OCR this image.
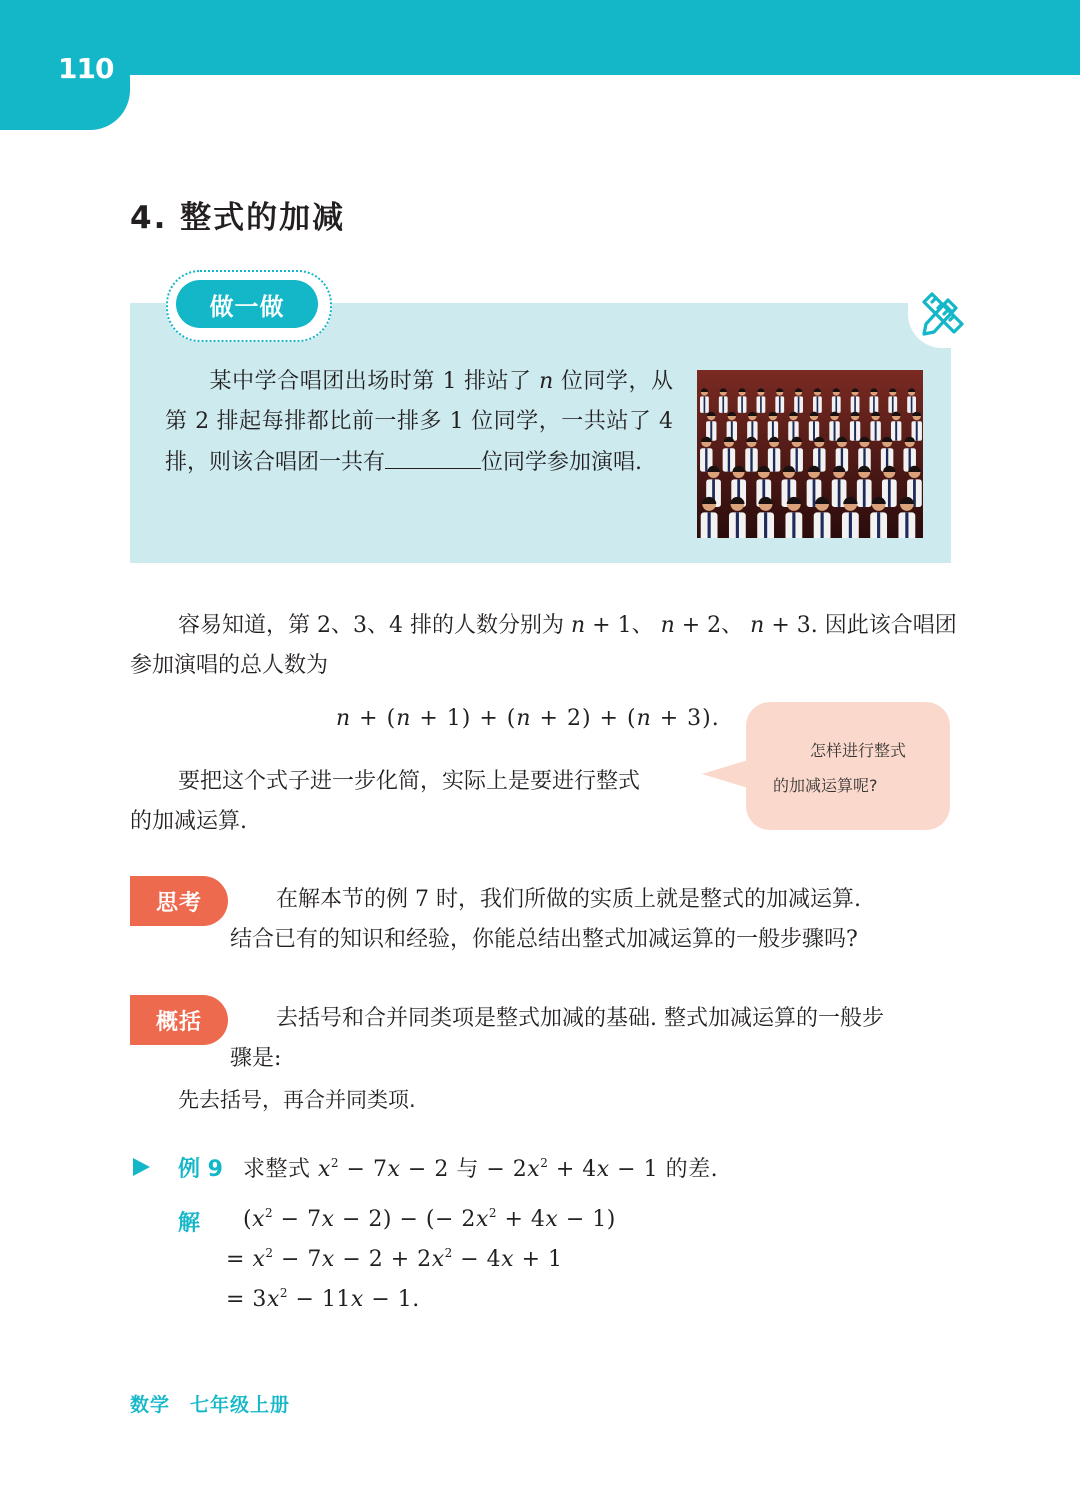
110
4. 整式的加减
做一做
某中学合唱团出场时第 1 排站了 n 位同学，从第 2 排起每排都比前一排多 1 位同学，一共站了 4 排，则该合唱团一共有	位同学参加演唱.
容易知道，第 2、3、4 排的人数分别为 n + 1、 n + 2、 n + 3. 因此该合唱团
参加演唱的总人数为
n + (n + 1) + (n + 2) + (n + 3).
怎样进行整式
的加减运算呢?
要把这个式子进一步化简，实际上是要进行整式
的加减运算.
思考	在解本节的例 7 时，我们所做的实质上就是整式的加减运算.
结合已有的知识和经验，你能总结出整式加减运算的一般步骤吗?
概括	去括号和合并同类项是整式加减的基础. 整式加减运算的一般步
骤是:
先去括号，再合并同类项.
例 9 求整式 $x^2 - 7x - 2$ 与 − $2x^2 + 4x - 1$ 的差.
解 $(x^2 - 7x - 2)$ − (− $2x^2 + 4x - 1$)
= $x^2 - 7x - 2 + 2x^2 - 4x + 1$
= $3x^2 - 11x - 1$.
数学　七年级上册
